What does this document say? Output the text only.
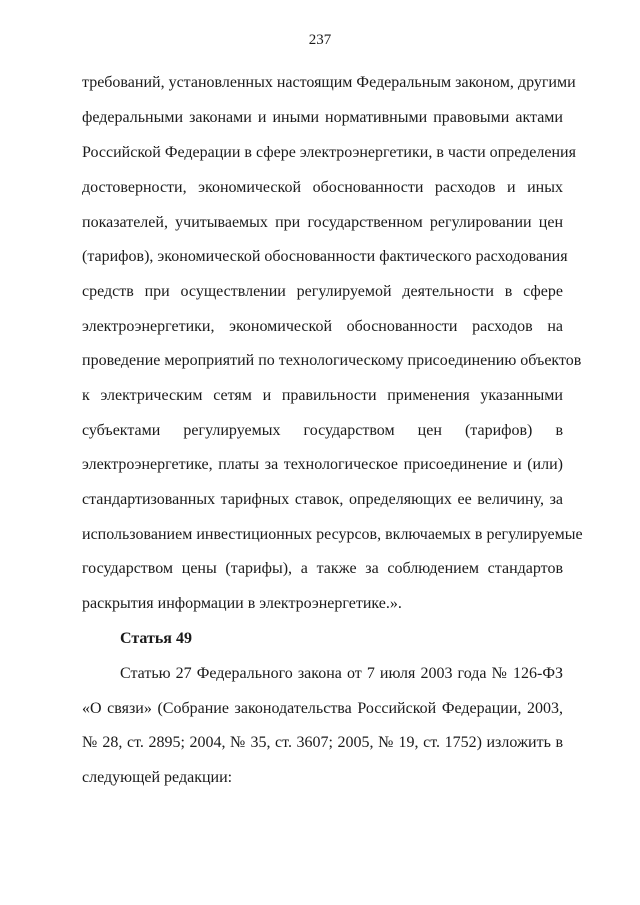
237
требований, установленных настоящим Федеральным законом, другими
федеральными законами и иными нормативными правовыми актами
Российской Федерации в сфере электроэнергетики, в части определения
достоверности, экономической обоснованности расходов и иных
показателей, учитываемых при государственном регулировании цен
(тарифов), экономической обоснованности фактического расходования
средств при осуществлении регулируемой деятельности в сфере
электроэнергетики, экономической обоснованности расходов на
проведение мероприятий по технологическому присоединению объектов
к электрическим сетям и правильности применения указанными
субъектами регулируемых государством цен (тарифов) в
электроэнергетике, платы за технологическое присоединение и (или)
стандартизованных тарифных ставок, определяющих ее величину, за
использованием инвестиционных ресурсов, включаемых в регулируемые
государством цены (тарифы), а также за соблюдением стандартов
раскрытия информации в электроэнергетике.».
Статья 49
Статью 27 Федерального закона от 7 июля 2003 года № 126-ФЗ
«О связи» (Собрание законодательства Российской Федерации, 2003,
№ 28, ст. 2895; 2004, № 35, ст. 3607; 2005, № 19, ст. 1752) изложить в
следующей редакции:
